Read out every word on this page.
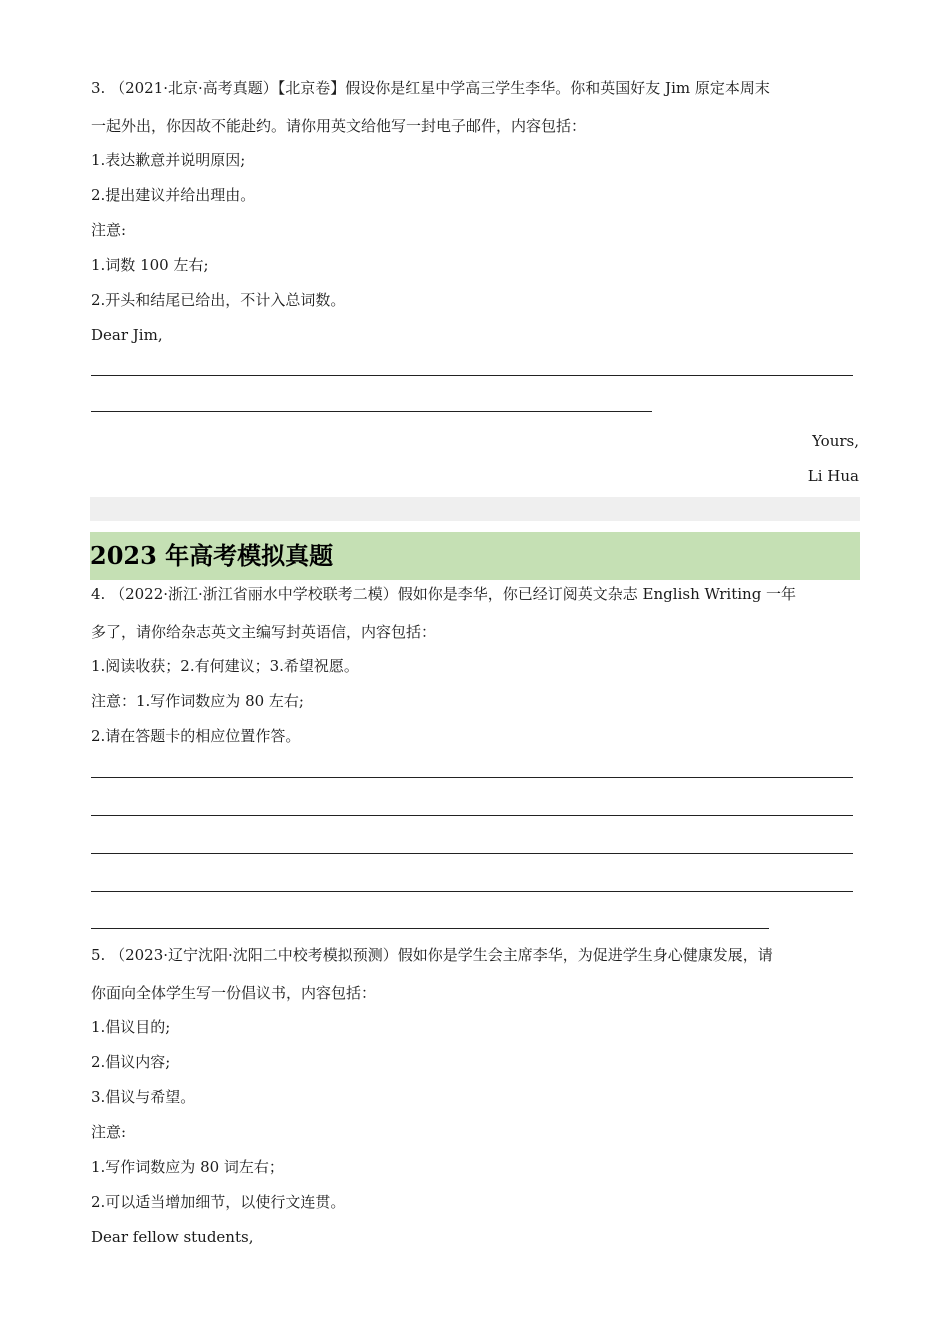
3. （2021·北京·高考真题）【北京卷】假设你是红星中学高三学生李华。你和英国好友 Jim 原定本周末
一起外出，你因故不能赴约。请你用英文给他写一封电子邮件，内容包括：
1.表达歉意并说明原因;
2.提出建议并给出理由。
注意:
1.词数 100 左右;
2.开头和结尾已给出，不计入总词数。
Dear Jim,
Yours,
Li Hua
2023 年高考模拟真题
4. （2022·浙江·浙江省丽水中学校联考二模）假如你是李华，你已经订阅英文杂志 English Writing 一年
多了，请你给杂志英文主编写封英语信，内容包括：
1.阅读收获；2.有何建议；3.希望祝愿。
注意：1.写作词数应为 80 左右;
2.请在答题卡的相应位置作答。
5. （2023·辽宁沈阳·沈阳二中校考模拟预测）假如你是学生会主席李华，为促进学生身心健康发展，请
你面向全体学生写一份倡议书，内容包括：
1.倡议目的;
2.倡议内容;
3.倡议与希望。
注意:
1.写作词数应为 80 词左右；
2.可以适当增加细节，以使行文连贯。
Dear fellow students,
